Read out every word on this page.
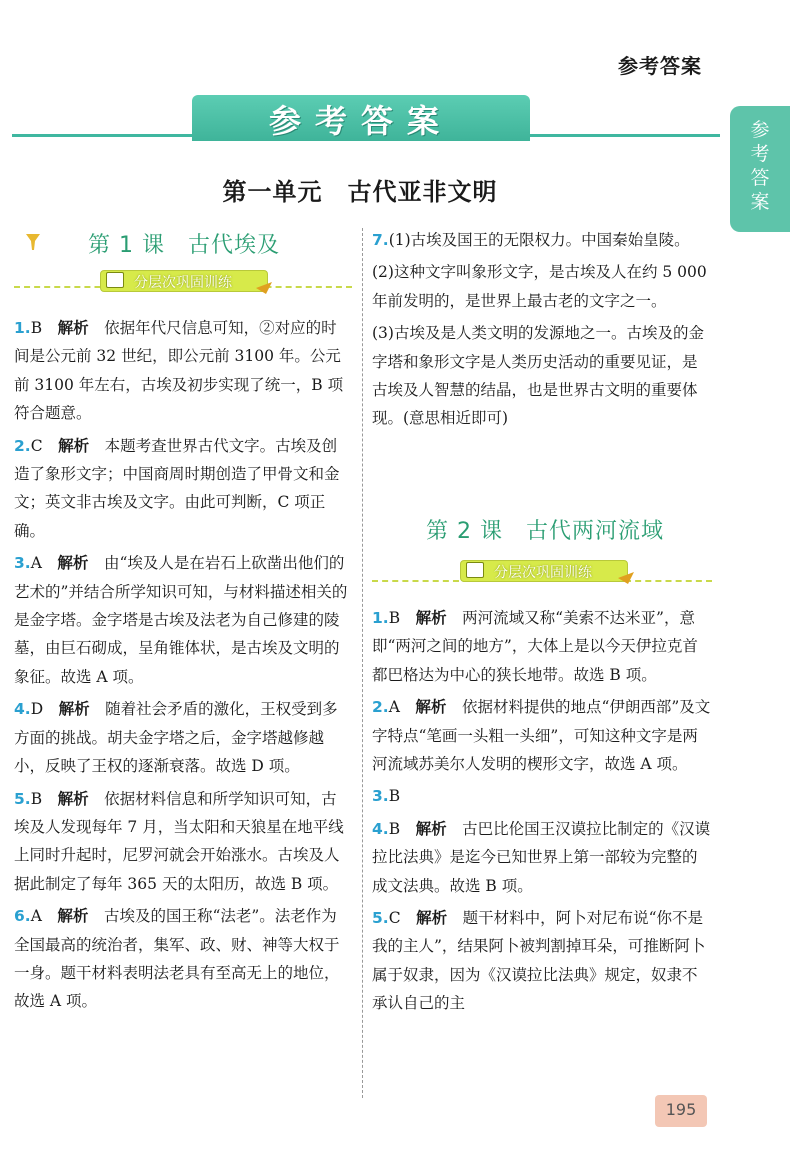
参考答案
参考答案	参考答案
第一单元　古代亚非文明
第 1 课　古代埃及
分层次巩固训练
1.B　 解析　 依据年代尺信息可知，②对应的时间是公元前 32 世纪，即公元前 3100 年。公元前 3100 年左右，古埃及初步实现了统一，B 项符合题意。
2.C　 解析　 本题考查世界古代文字。古埃及创造了象形文字；中国商周时期创造了甲骨文和金文；英文非古埃及文字。由此可判断，C 项正确。
3.A　 解析　 由“埃及人是在岩石上砍凿出他们的艺术的”并结合所学知识可知，与材料描述相关的是金字塔。金字塔是古埃及法老为自己修建的陵墓，由巨石砌成，呈角锥体状，是古埃及文明的象征。故选 A 项。
4.D　 解析　 随着社会矛盾的激化，王权受到多方面的挑战。胡夫金字塔之后，金字塔越修越小，反映了王权的逐渐衰落。故选 D 项。
5.B　 解析　 依据材料信息和所学知识可知，古埃及人发现每年 7 月，当太阳和天狼星在地平线上同时升起时，尼罗河就会开始涨水。古埃及人据此制定了每年 365 天的太阳历，故选 B 项。
6.A　 解析　 古埃及的国王称“法老”。法老作为全国最高的统治者，集军、政、财、神等大权于一身。题干材料表明法老具有至高无上的地位，故选 A 项。
7.(1)古埃及国王的无限权力。中国秦始皇陵。
(2)这种文字叫象形文字，是古埃及人在约 5 000年前发明的，是世界上最古老的文字之一。
(3)古埃及是人类文明的发源地之一。古埃及的金字塔和象形文字是人类历史活动的重要见证，是古埃及人智慧的结晶，也是世界古文明的重要体现。(意思相近即可)
第 2 课　古代两河流域
分层次巩固训练
1.B　 解析　 两河流域又称“美索不达米亚”，意即“两河之间的地方”，大体上是以今天伊拉克首都巴格达为中心的狭长地带。故选 B 项。
2.A　 解析　 依据材料提供的地点“伊朗西部”及文字特点“笔画一头粗一头细”，可知这种文字是两河流域苏美尔人发明的楔形文字，故选 A 项。
3.B
4.B　 解析　 古巴比伦国王汉谟拉比制定的《汉谟拉比法典》是迄今已知世界上第一部较为完整的成文法典。故选 B 项。
5.C　 解析　 题干材料中，阿卜对尼布说“你不是我的主人”，结果阿卜被判割掉耳朵，可推断阿卜属于奴隶，因为《汉谟拉比法典》规定，奴隶不承认自己的主
195
